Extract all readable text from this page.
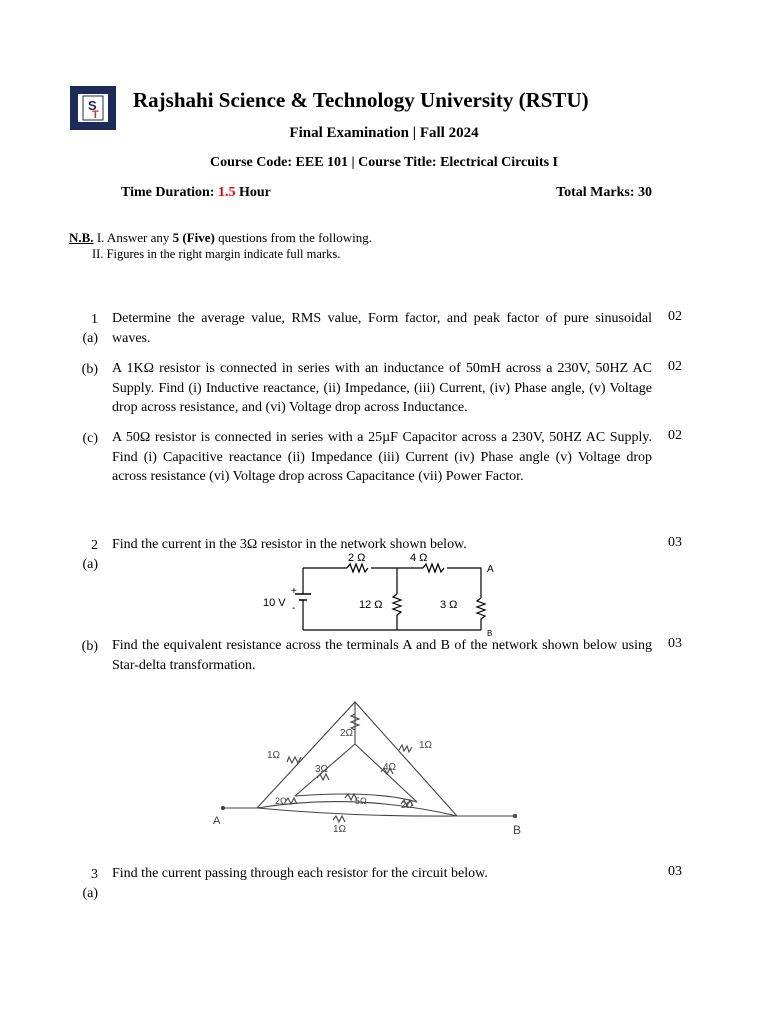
S
T
Rajshahi Science & Technology University (RSTU)
Final Examination | Fall 2024
Course Code: EEE 101 | Course Title: Electrical Circuits I
Time Duration: 1.5 Hour	Total Marks: 30
N.B. I. Answer any 5 (Five) questions from the following.
II. Figures in the right margin indicate full marks.
1
(a)
Determine the average value, RMS value, Form factor, and peak factor of pure sinusoidal waves.
02
(b) A 1KΩ resistor is connected in series with an inductance of 50mH across a 230V, 50HZ AC Supply. Find (i) Inductive reactance, (ii) Impedance, (iii) Current, (iv) Phase angle, (v) Voltage drop across resistance, and (vi) Voltage drop across Inductance.
02
(c) A 50Ω resistor is connected in series with a 25µF Capacitor across a 230V, 50HZ AC Supply. Find (i) Capacitive reactance (ii) Impedance (iii) Current (iv) Phase angle (v) Voltage drop across resistance (vi) Voltage drop across Capacitance (vii) Power Factor.
02
2
(a)
Find the current in the 3Ω resistor in the network shown below.	03
2 Ω	4 Ω
12 Ω	3 Ω
10 V
+
-
A
B
(b) Find the equivalent resistance across the terminals A and B of the network shown below using Star-delta transformation.
03
2Ω
1Ω
1Ω
3Ω	4Ω
2Ω	5Ω	2Ω
1Ω
A
B
3
(a)
Find the current passing through each resistor for the circuit below.	03
